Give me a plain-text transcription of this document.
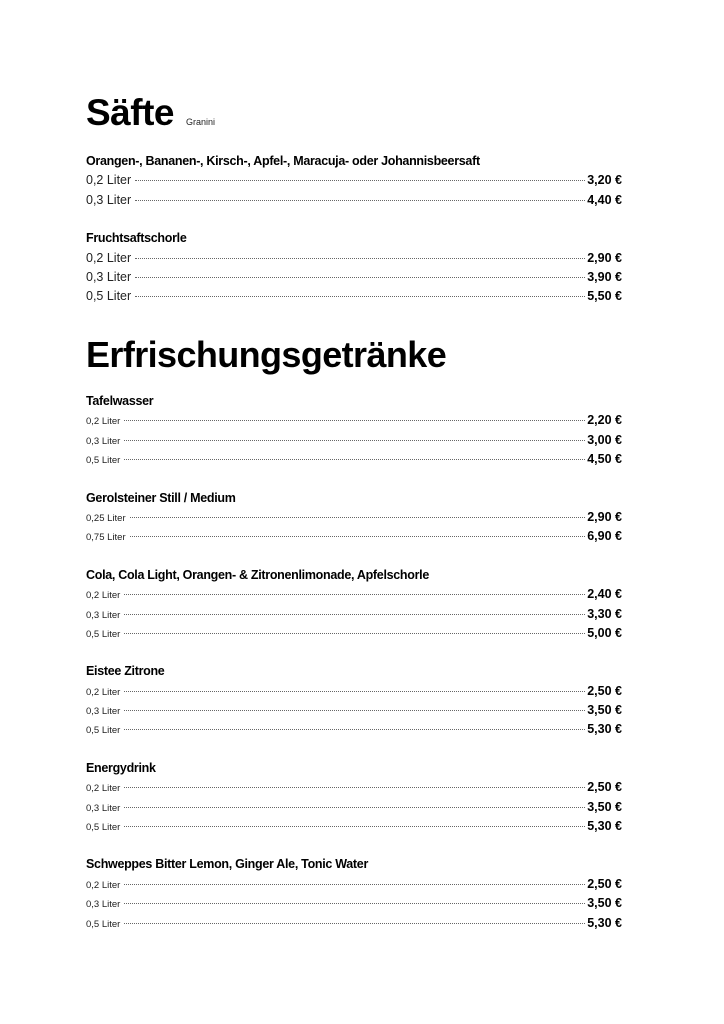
Säfte Granini
Orangen-, Bananen-, Kirsch-, Apfel-, Maracuja- oder Johannisbeersaft
0,2 Liter	3,20 €
0,3 Liter	4,40 €
Fruchtsaftschorle
0,2 Liter	2,90 €
0,3 Liter	3,90 €
0,5 Liter	5,50 €
Erfrischungsgetränke
Tafelwasser
0,2 Liter	2,20 €
0,3 Liter	3,00 €
0,5 Liter	4,50 €
Gerolsteiner Still / Medium
0,25 Liter	2,90 €
0,75 Liter	6,90 €
Cola, Cola Light, Orangen- & Zitronenlimonade, Apfelschorle
0,2 Liter	2,40 €
0,3 Liter	3,30 €
0,5 Liter	5,00 €
Eistee Zitrone
0,2 Liter	2,50 €
0,3 Liter	3,50 €
0,5 Liter	5,30 €
Energydrink
0,2 Liter	2,50 €
0,3 Liter	3,50 €
0,5 Liter	5,30 €
Schweppes Bitter Lemon, Ginger Ale, Tonic Water
0,2 Liter	2,50 €
0,3 Liter	3,50 €
0,5 Liter	5,30 €
